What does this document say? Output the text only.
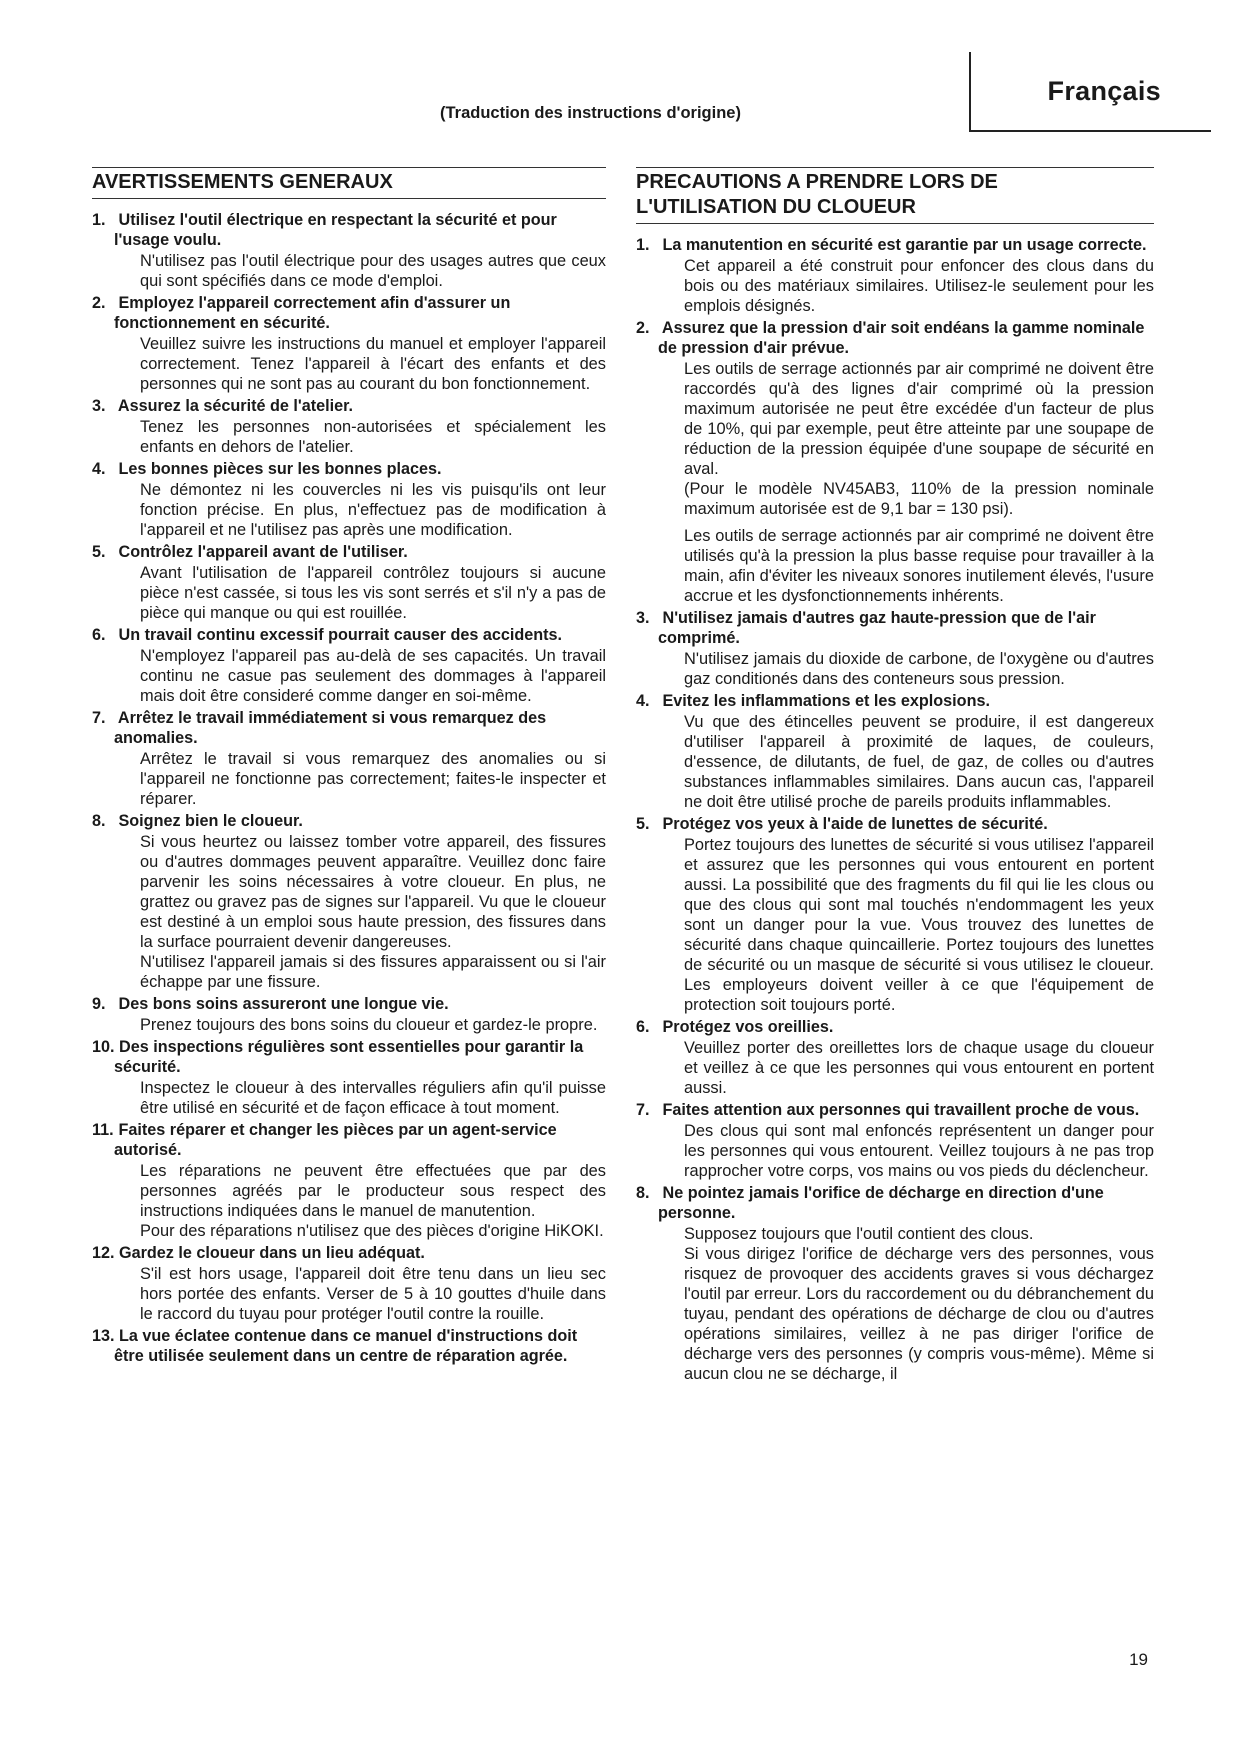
Français
(Traduction des instructions d'origine)
AVERTISSEMENTS GENERAUX
1. Utilisez l'outil électrique en respectant la sécurité et pour l'usage voulu.

N'utilisez pas l'outil électrique pour des usages autres que ceux qui sont spécifiés dans ce mode d'emploi.

2. Employez l'appareil correctement afin d'assurer un fonctionnement en sécurité.

Veuillez suivre les instructions du manuel et employer l'appareil correctement. Tenez l'appareil à l'écart des enfants et des personnes qui ne sont pas au courant du bon fonctionnement.

3. Assurez la sécurité de l'atelier.

Tenez les personnes non-autorisées et spécialement les enfants en dehors de l'atelier.

4. Les bonnes pièces sur les bonnes places.

Ne démontez ni les couvercles ni les vis puisqu'ils ont leur fonction précise. En plus, n'effectuez pas de modification à l'appareil et ne l'utilisez pas après une modification.

5. Contrôlez l'appareil avant de l'utiliser.

Avant l'utilisation de l'appareil contrôlez toujours si aucune pièce n'est cassée, si tous les vis sont serrés et s'il n'y a pas de pièce qui manque ou qui est rouillée.

6. Un travail continu excessif pourrait causer des accidents.

N'employez l'appareil pas au-delà de ses capacités. Un travail continu ne casue pas seulement des dommages à l'appareil mais doit être consideré comme danger en soi-même.

7. Arrêtez le travail immédiatement si vous remarquez des anomalies.

Arrêtez le travail si vous remarquez des anomalies ou si l'appareil ne fonctionne pas correctement; faites-le inspecter et réparer.

8. Soignez bien le cloueur.

Si vous heurtez ou laissez tomber votre appareil, des fissures ou d'autres dommages peuvent apparaître. Veuillez donc faire parvenir les soins nécessaires à votre cloueur. En plus, ne grattez ou gravez pas de signes sur l'appareil. Vu que le cloueur est destiné à un emploi sous haute pression, des fissures dans la surface pourraient devenir dangereuses.

N'utilisez l'appareil jamais si des fissures apparaissent ou si l'air échappe par une fissure.

9. Des bons soins assureront une longue vie.

Prenez toujours des bons soins du cloueur et gardez-le propre.

10. Des inspections régulières sont essentielles pour garantir la sécurité.

Inspectez le cloueur à des intervalles réguliers afin qu'il puisse être utilisé en sécurité et de façon efficace à tout moment.

11. Faites réparer et changer les pièces par un agent-service autorisé.

Les réparations ne peuvent être effectuées que par des personnes agréés par le producteur sous respect des instructions indiquées dans le manuel de manutention.

Pour des réparations n'utilisez que des pièces d'origine HiKOKI.

12. Gardez le cloueur dans un lieu adéquat.

S'il est hors usage, l'appareil doit être tenu dans un lieu sec hors portée des enfants. Verser de 5 à 10 gouttes d'huile dans le raccord du tuyau pour protéger l'outil contre la rouille.

13. La vue éclatee contenue dans ce manuel d'instructions doit être utilisée seulement dans un centre de réparation agrée.
PRECAUTIONS A PRENDRE LORS DE
L'UTILISATION DU CLOUEUR
1. La manutention en sécurité est garantie par un usage correcte.

Cet appareil a été construit pour enfoncer des clous dans du bois ou des matériaux similaires. Utilisez-le seulement pour les emplois désignés.

2. Assurez que la pression d'air soit endéans la gamme nominale de pression d'air prévue.

Les outils de serrage actionnés par air comprimé ne doivent être raccordés qu'à des lignes d'air comprimé où la pression maximum autorisée ne peut être excédée d'un facteur de plus de 10%, qui par exemple, peut être atteinte par une soupape de réduction de la pression équipée d'une soupape de sécurité en aval.

(Pour le modèle NV45AB3, 110% de la pression nominale maximum autorisée est de 9,1 bar = 130 psi).

Les outils de serrage actionnés par air comprimé ne doivent être utilisés qu'à la pression la plus basse requise pour travailler à la main, afin d'éviter les niveaux sonores inutilement élevés, l'usure accrue et les dysfonctionnements inhérents.

3. N'utilisez jamais d'autres gaz haute-pression que de l'air comprimé.

N'utilisez jamais du dioxide de carbone, de l'oxygène ou d'autres gaz conditionés dans des conteneurs sous pression.

4. Evitez les inflammations et les explosions.

Vu que des étincelles peuvent se produire, il est dangereux d'utiliser l'appareil à proximité de laques, de couleurs, d'essence, de dilutants, de fuel, de gaz, de colles ou d'autres substances inflammables similaires. Dans aucun cas, l'appareil ne doit être utilisé proche de pareils produits inflammables.

5. Protégez vos yeux à l'aide de lunettes de sécurité.

Portez toujours des lunettes de sécurité si vous utilisez l'appareil et assurez que les personnes qui vous entourent en portent aussi. La possibilité que des fragments du fil qui lie les clous ou que des clous qui sont mal touchés n'endommagent les yeux sont un danger pour la vue. Vous trouvez des lunettes de sécurité dans chaque quincaillerie. Portez toujours des lunettes de sécurité ou un masque de sécurité si vous utilisez le cloueur. Les employeurs doivent veiller à ce que l'équipement de protection soit toujours porté.

6. Protégez vos oreillies.

Veuillez porter des oreillettes lors de chaque usage du cloueur et veillez à ce que les personnes qui vous entourent en portent aussi.

7. Faites attention aux personnes qui travaillent proche de vous.

Des clous qui sont mal enfoncés représentent un danger pour les personnes qui vous entourent. Veillez toujours à ne pas trop rapprocher votre corps, vos mains ou vos pieds du déclencheur.

8. Ne pointez jamais l'orifice de décharge en direction d'une personne.

Supposez toujours que l'outil contient des clous.

Si vous dirigez l'orifice de décharge vers des personnes, vous risquez de provoquer des accidents graves si vous déchargez l'outil par erreur. Lors du raccordement ou du débranchement du tuyau, pendant des opérations de décharge de clou ou d'autres opérations similaires, veillez à ne pas diriger l'orifice de décharge vers des personnes (y compris vous-même). Même si aucun clou ne se décharge, il

19
